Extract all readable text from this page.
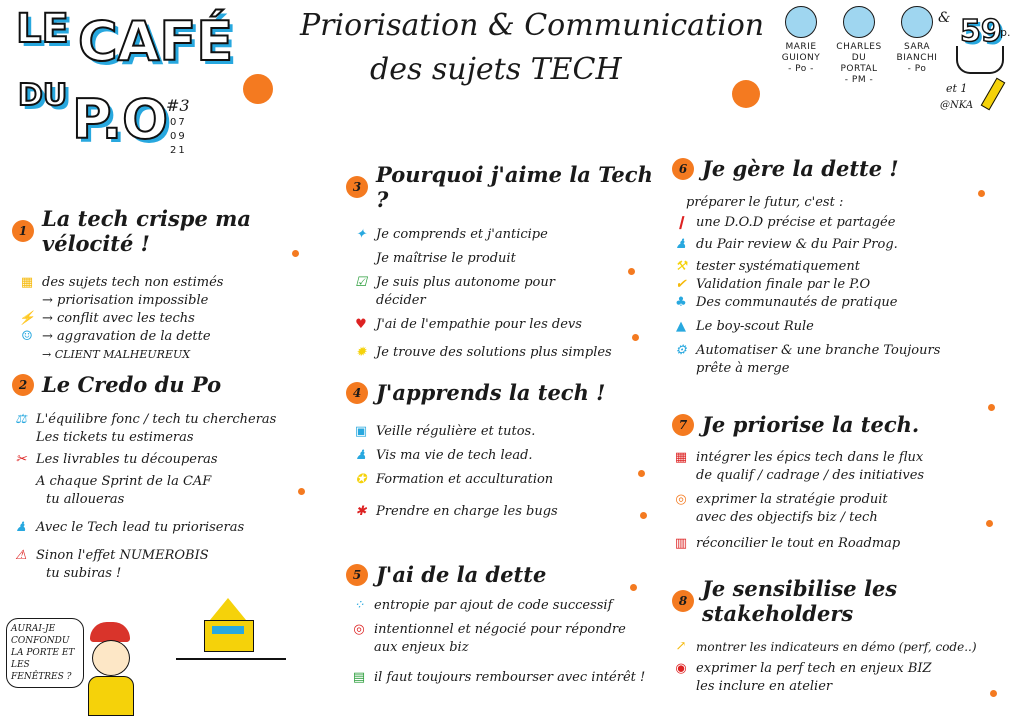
LE CAFÉ
DU P.O
#3
07
09
21
Priorisation & Communication
des sujets TECH
MARIE GUIONY
- Po -
CHARLES DU PORTAL
- PM -
SARA BIANCHI
- Po
& 59
p.
et 1
@NKA
1 La tech crispe ma vélocité !
▦ des sujets tech non estimés
→ priorisation impossible
⚡ → conflit avec les techs
☺ → aggravation de la dette
→ CLIENT MALHEUREUX
2 Le Credo du Po
⚖ L'équilibre fonc / tech tu chercheras
Les tickets tu estimeras
✂ Les livrables tu découperas
A chaque Sprint de la CAF
tu alloueras
♟ Avec le Tech lead tu prioriseras
⚠ Sinon l'effet NUMEROBIS
tu subiras !
AURAI-JE CONFONDU LA PORTE ET LES FENÊTRES ?
3 Pourquoi j'aime la Tech ?
✦ Je comprends et j'anticipe
Je maîtrise le produit
☑ Je suis plus autonome pour
décider
♥ J'ai de l'empathie pour les devs
✹ Je trouve des solutions plus simples
4 J'apprends la tech !
▣ Veille régulière et tutos.
♟ Vis ma vie de tech lead.
✪ Formation et acculturation
✱ Prendre en charge les bugs
5 J'ai de la dette
⁘ entropie par ajout de code successif
◎ intentionnel et négocié pour répondre
aux enjeux biz
▤ il faut toujours rembourser avec intérêt !
6 Je gère la dette !
préparer le futur, c'est :
❙ une D.O.D précise et partagée
♟ du Pair review & du Pair Prog.
⚒ tester systématiquement
✔ Validation finale par le P.O
♣ Des communautés de pratique
▲ Le boy-scout Rule
⚙ Automatiser & une branche Toujours
prête à merge
7 Je priorise la tech.
▦ intégrer les épics tech dans le flux
de qualif / cadrage / des initiatives
◎ exprimer la stratégie produit
avec des objectifs biz / tech
▥ réconcilier le tout en Roadmap
8 Je sensibilise les stakeholders
↗ montrer les indicateurs en démo (perf, code..)
◉ exprimer la perf tech en enjeux BIZ
les inclure en atelier
